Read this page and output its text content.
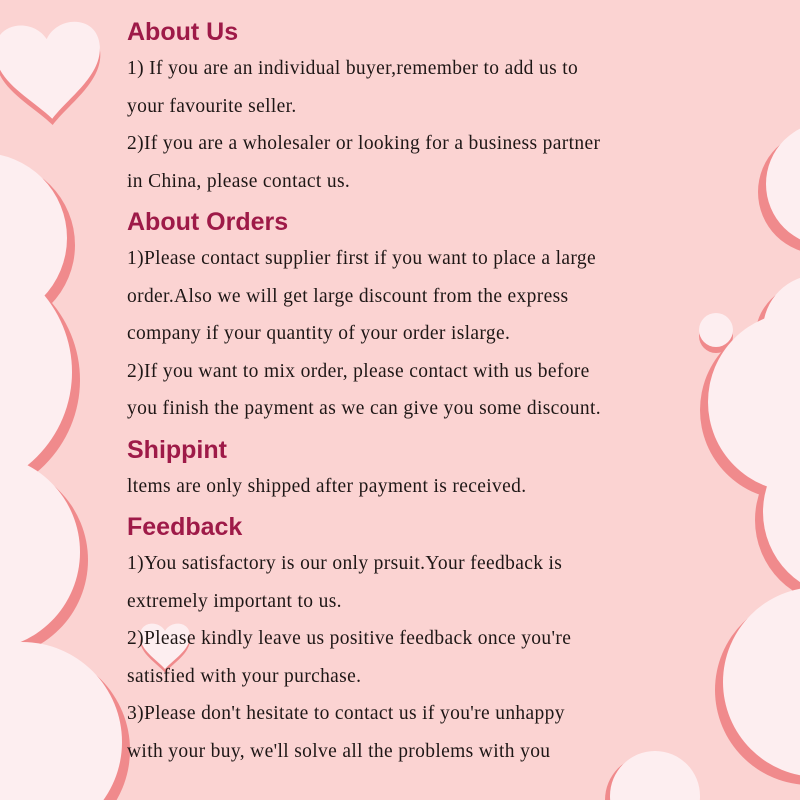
About Us
1) If you are an individual buyer,remember to add us to
your favourite seller.
2)If you are a wholesaler or looking for a business partner
in China, please contact us.
About Orders
1)Please contact supplier first if you want to place a large
order.Also we will get large discount from the express
company if your quantity of your order islarge.
2)If you want to mix order, please contact with us before
you finish the payment as we can give you some discount.
Shippint
ltems are only shipped after payment is received.
Feedback
1)You satisfactory is our only prsuit.Your feedback is
extremely important to us.
2)Please kindly leave us positive feedback once you're
satisfied with your purchase.
3)Please don't hesitate to contact us if you're unhappy
with your buy, we'll solve all the problems with you
